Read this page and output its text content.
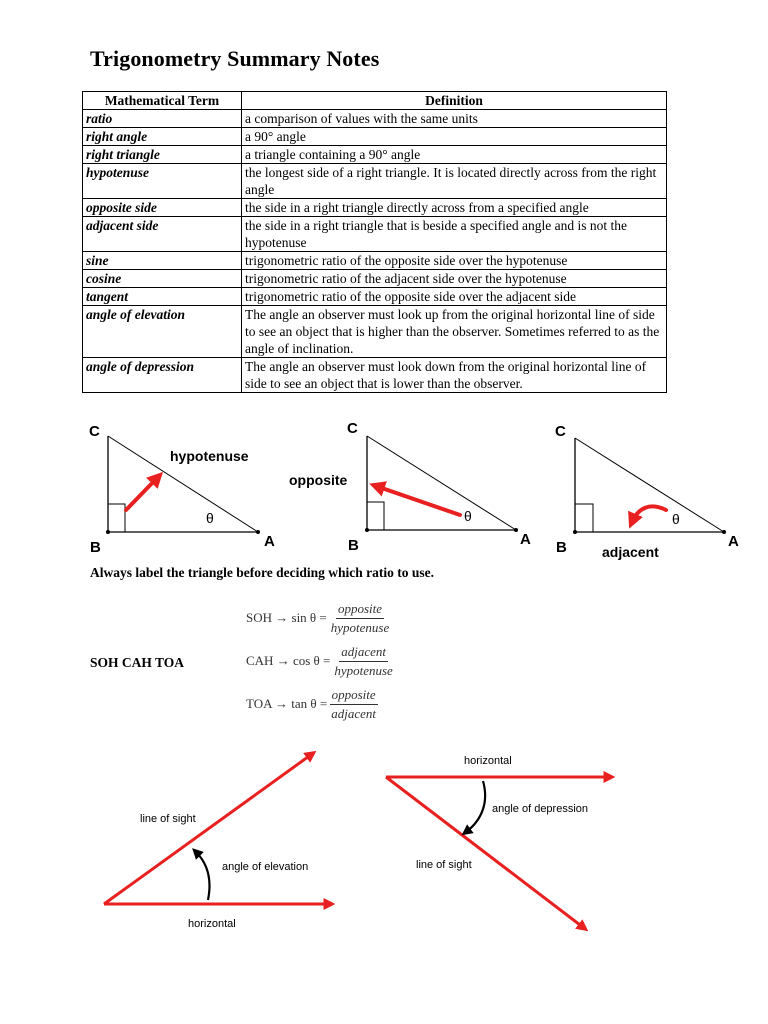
Trigonometry Summary Notes
Mathematical Term	Definition
ratio	a comparison of values with the same units
right angle	a 90° angle
right triangle	a triangle containing a 90° angle
hypotenuse	the longest side of a right triangle. It is located directly across from the right angle
opposite side	the side in a right triangle directly across from a specified angle
adjacent side	the side in a right triangle that is beside a specified angle and is not the hypotenuse
sine	trigonometric ratio of the opposite side over the hypotenuse
cosine	trigonometric ratio of the adjacent side over the hypotenuse
tangent	trigonometric ratio of the opposite side over the adjacent side
angle of elevation	The angle an observer must look up from the original horizontal line of side to see an object that is higher than the observer. Sometimes referred to as the angle of inclination.
angle of depression	The angle an observer must look down from the original horizontal line of side to see an object that is lower than the observer.
C
B	A
θ
hypotenuse
C
B	A
θ
opposite
C
B	A
θ
adjacent

Always label the triangle before deciding which ratio to use.

SOH CAH TOA

SOH → $\sin \theta = \frac{\text{opposite}}{\text{hypotenuse}}$
CAH → $\cos \theta = \frac{\text{adjacent}}{\text{hypotenuse}}$
TOA → $\tan \theta = \frac{\text{opposite}}{\text{adjacent}}$
line of sight
angle of elevation
horizontal
horizontal
angle of depression
line of sight
